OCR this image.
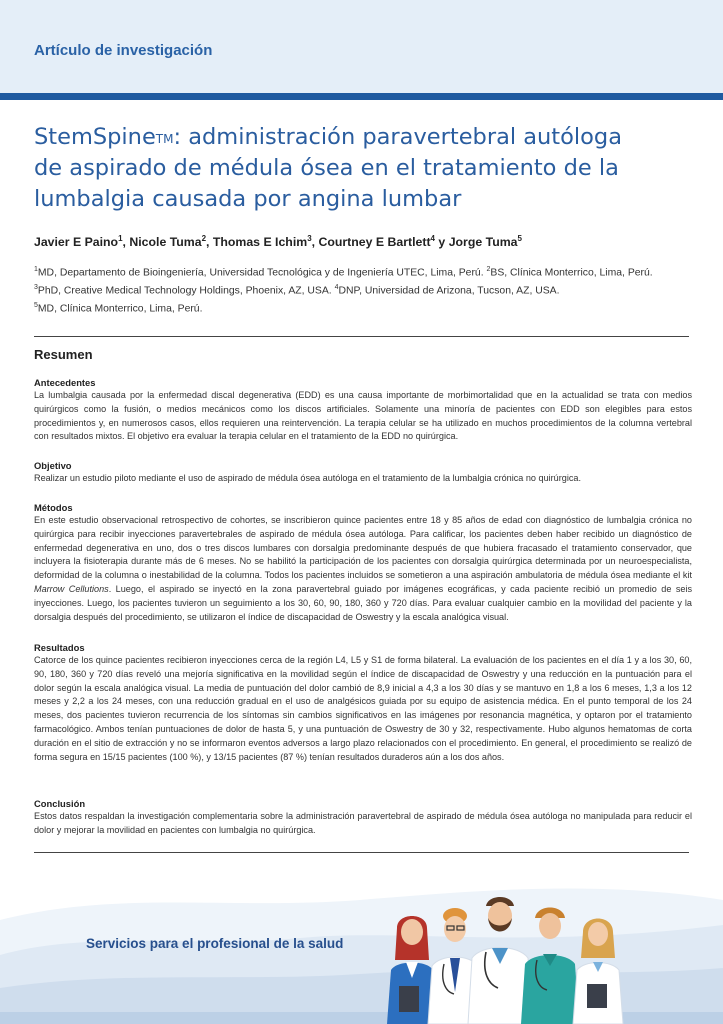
Artículo de investigación
StemSpine™: administración paravertebral autóloga
de aspirado de médula ósea en el tratamiento de la
lumbalgia causada por angina lumbar
Javier E Paino$^1$, Nicole Tuma$^2$, Thomas E Ichim$^3$, Courtney E Bartlett$^4$ y Jorge Tuma$^5$
$^1$MD, Departamento de Bioingeniería, Universidad Tecnológica y de Ingeniería UTEC, Lima, Perú. $^2$BS, Clínica Monterrico, Lima, Perú.
$^3$PhD, Creative Medical Technology Holdings, Phoenix, AZ, USA. $^4$DNP, Universidad de Arizona, Tucson, AZ, USA.
$^5$MD, Clínica Monterrico, Lima, Perú.
Resumen
Antecedentes

La lumbalgia causada por la enfermedad discal degenerativa (EDD) es una causa importante de morbimortalidad que en la actualidad se trata con medios quirúrgicos como la fusión, o medios mecánicos como los discos artificiales. Solamente una minoría de pacientes con EDD son elegibles para estos procedimientos y, en numerosos casos, ellos requieren una reintervención. La terapia celular se ha utilizado en muchos procedimientos de la columna vertebral con resultados mixtos. El objetivo era evaluar la terapia celular en el tratamiento de la EDD no quirúrgica.

Objetivo

Realizar un estudio piloto mediante el uso de aspirado de médula ósea autóloga en el tratamiento de la lumbalgia crónica no quirúrgica.

Métodos

En este estudio observacional retrospectivo de cohortes, se inscribieron quince pacientes entre 18 y 85 años de edad con diagnóstico de lumbalgia crónica no quirúrgica para recibir inyecciones paravertebrales de aspirado de médula ósea autóloga. Para calificar, los pacientes deben haber recibido un diagnóstico de enfermedad degenerativa en uno, dos o tres discos lumbares con dorsalgia predominante después de que hubiera fracasado el tratamiento conservador, que incluyera la fisioterapia durante más de 6 meses. No se habilitó la participación de los pacientes con dorsalgia quirúrgica determinada por un neuroespecialista, deformidad de la columna o inestabilidad de la columna. Todos los pacientes incluidos se sometieron a una aspiración ambulatoria de médula ósea mediante el kit Marrow Cellutions. Luego, el aspirado se inyectó en la zona paravertebral guiado por imágenes ecográficas, y cada paciente recibió un promedio de seis inyecciones. Luego, los pacientes tuvieron un seguimiento a los 30, 60, 90, 180, 360 y 720 días. Para evaluar cualquier cambio en la movilidad del paciente y la dorsalgia después del procedimiento, se utilizaron el índice de discapacidad de Oswestry y la escala analógica visual.

Resultados

Catorce de los quince pacientes recibieron inyecciones cerca de la región L4, L5 y S1 de forma bilateral. La evaluación de los pacientes en el día 1 y a los 30, 60, 90, 180, 360 y 720 días reveló una mejoría significativa en la movilidad según el índice de discapacidad de Oswestry y una reducción en la puntuación para el dolor según la escala analógica visual. La media de puntuación del dolor cambió de 8,9 inicial a 4,3 a los 30 días y se mantuvo en 1,8 a los 6 meses, 1,3 a los 12 meses y 2,2 a los 24 meses, con una reducción gradual en el uso de analgésicos guiada por su equipo de asistencia médica. En el punto temporal de los 24 meses, dos pacientes tuvieron recurrencia de los síntomas sin cambios significativos en las imágenes por resonancia magnética, y optaron por el tratamiento farmacológico. Ambos tenían puntuaciones de dolor de hasta 5, y una puntuación de Oswestry de 30 y 32, respectivamente. Hubo algunos hematomas de corta duración en el sitio de extracción y no se informaron eventos adversos a largo plazo relacionados con el procedimiento. En general, el procedimiento se realizó de forma segura en 15/15 pacientes (100 %), y 13/15 pacientes (87 %) tenían resultados duraderos aún a los dos años.

Conclusión

Estos datos respaldan la investigación complementaria sobre la administración paravertebral de aspirado de médula ósea autóloga no manipulada para reducir el dolor y mejorar la movilidad en pacientes con lumbalgia no quirúrgica.

Servicios para el profesional de la salud
